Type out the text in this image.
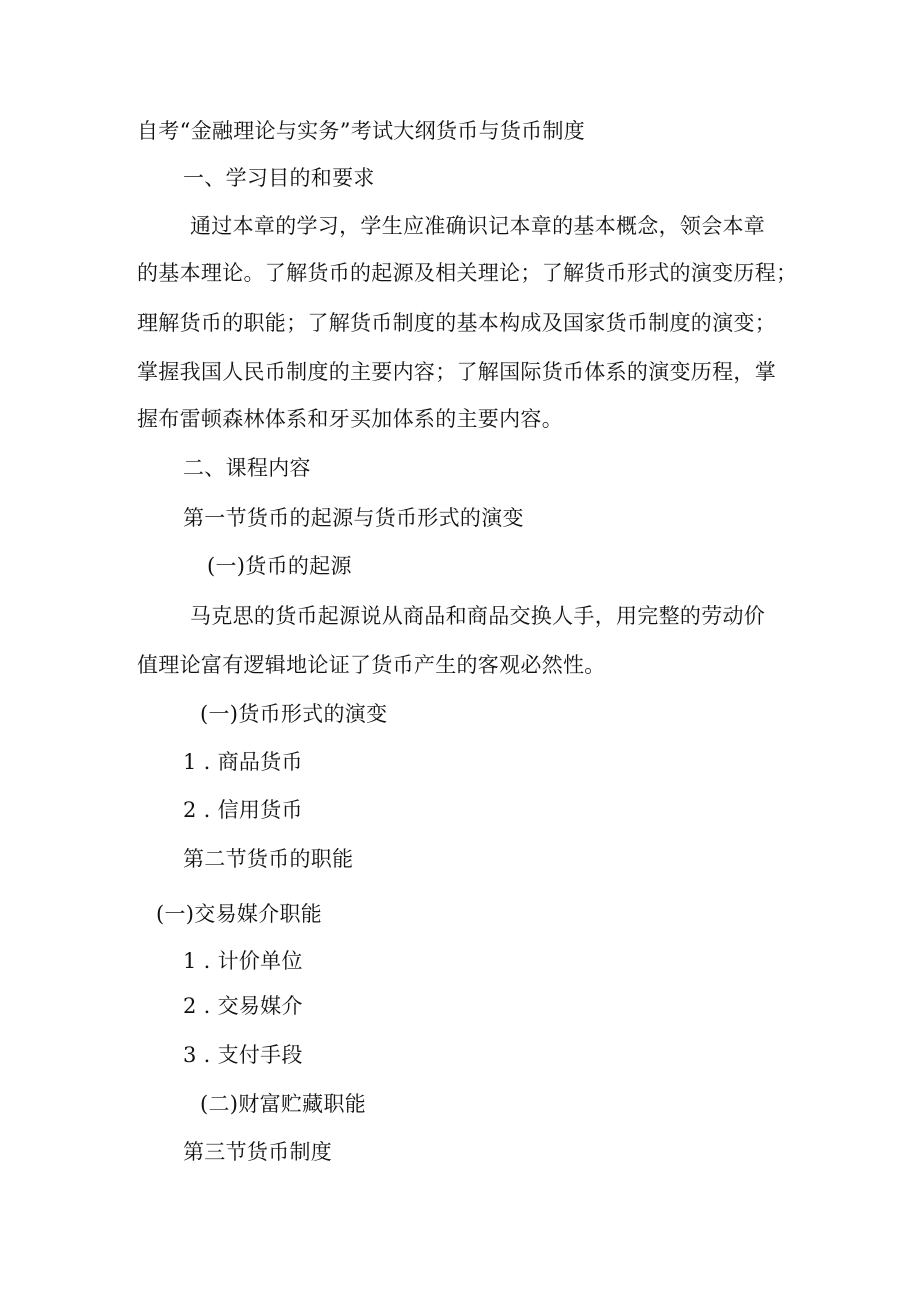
自考“金融理论与实务”考试大纲货币与货币制度
一、学习目的和要求
通过本章的学习，学生应准确识记本章的基本概念，领会本章
的基本理论。了解货币的起源及相关理论；了解货币形式的演变历程；
理解货币的职能；了解货币制度的基本构成及国家货币制度的演变；
掌握我国人民币制度的主要内容；了解国际货币体系的演变历程，掌
握布雷顿森林体系和牙买加体系的主要内容。
二、课程内容
第一节货币的起源与货币形式的演变
(一)货币的起源
马克思的货币起源说从商品和商品交换人手，用完整的劳动价
值理论富有逻辑地论证了货币产生的客观必然性。
(一)货币形式的演变
1 . 商品货币
2 . 信用货币
第二节货币的职能
(一)交易媒介职能
1 . 计价单位
2 . 交易媒介
3 . 支付手段
(二)财富贮藏职能
第三节货币制度
